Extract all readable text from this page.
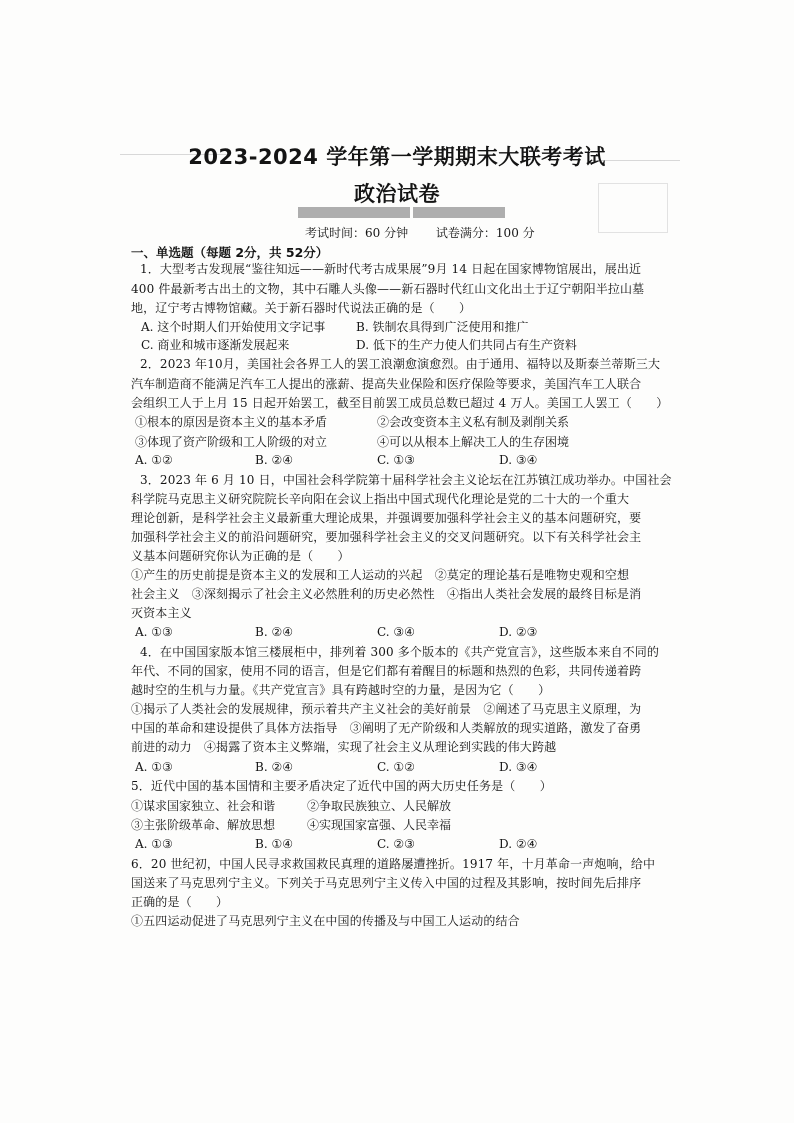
2023-2024 学年第一学期期末大联考考试
政治试卷
考试时间：60 分钟 试卷满分：100 分
一、单选题（每题 2分，共 52分）
1．大型考古发现展“鉴往知远——新时代考古成果展”9月 14 日起在国家博物馆展出，展出近
400 件最新考古出土的文物，其中石雕人头像——新石器时代红山文化出土于辽宁朝阳半拉山墓
地，辽宁考古博物馆藏。关于新石器时代说法正确的是（　　）
A. 这个时期人们开始使用文字记事	B. 铁制农具得到广泛使用和推广
C. 商业和城市逐渐发展起来	D. 低下的生产力使人们共同占有生产资料
2．2023 年10月，美国社会各界工人的罢工浪潮愈演愈烈。由于通用、福特以及斯泰兰蒂斯三大
汽车制造商不能满足汽车工人提出的涨薪、提高失业保险和医疗保险等要求，美国汽车工人联合
会组织工人于上月 15 日起开始罢工，截至目前罢工成员总数已超过 4 万人。美国工人罢工（　　）
①根本的原因是资本主义的基本矛盾	②会改变资本主义私有制及剥削关系
③体现了资产阶级和工人阶级的对立	④可以从根本上解决工人的生存困境
A. ①②	B. ②④	C. ①③	D. ③④
3．2023 年 6 月 10 日，中国社会科学院第十届科学社会主义论坛在江苏镇江成功举办。中国社会
科学院马克思主义研究院院长辛向阳在会议上指出中国式现代化理论是党的二十大的一个重大
理论创新，是科学社会主义最新重大理论成果，并强调要加强科学社会主义的基本问题研究，要
加强科学社会主义的前沿问题研究，要加强科学社会主义的交叉问题研究。以下有关科学社会主
义基本问题研究你认为正确的是（　　）
①产生的历史前提是资本主义的发展和工人运动的兴起　②莫定的理论基石是唯物史观和空想
社会主义　③深刻揭示了社会主义必然胜利的历史必然性　④指出人类社会发展的最终目标是消
灭资本主义
A. ①③	B. ②④	C. ③④	D. ②③
4．在中国国家版本馆三楼展柜中，排列着 300 多个版本的《共产党宣言》，这些版本来自不同的
年代、不同的国家，使用不同的语言，但是它们都有着醒目的标题和热烈的色彩，共同传递着跨
越时空的生机与力量。《共产党宣言》具有跨越时空的力量，是因为它（　　）
①揭示了人类社会的发展规律，预示着共产主义社会的美好前景　②阐述了马克思主义原理，为
中国的革命和建设提供了具体方法指导　③阐明了无产阶级和人类解放的现实道路，激发了奋勇
前进的动力　④揭露了资本主义弊端，实现了社会主义从理论到实践的伟大跨越
A. ①③	B. ②④	C. ①②	D. ③④
5．近代中国的基本国情和主要矛盾决定了近代中国的两大历史任务是（　　）
①谋求国家独立、社会和谐	②争取民族独立、人民解放
③主张阶级革命、解放思想	④实现国家富强、人民幸福
A. ①③	B. ①④	C. ②③	D. ②④
6．20 世纪初，中国人民寻求救国救民真理的道路屡遭挫折。1917 年，十月革命一声炮响，给中
国送来了马克思列宁主义。下列关于马克思列宁主义传入中国的过程及其影响，按时间先后排序
正确的是（　　）
①五四运动促进了马克思列宁主义在中国的传播及与中国工人运动的结合
